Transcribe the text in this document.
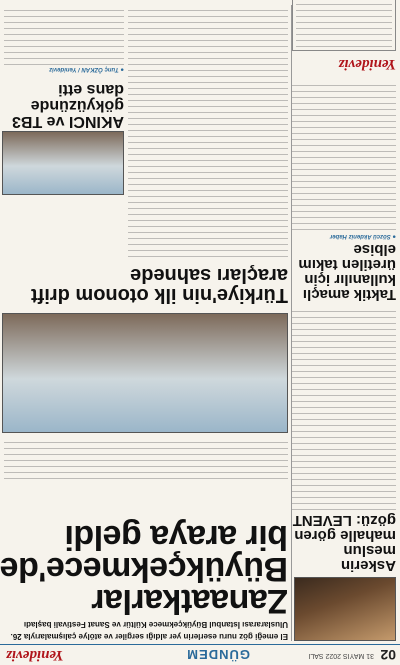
02
31 MAYIS 2022 SALI
GÜNDEM
Yenideviz
Askerin meslun mahalle gören gözü: LEVENT
Taktik amaçlı kullanılır için üretilen takım elbise
● Sözcü Akdeniz Haber
Yenideviz
El emeği göz nuru eserlerin yer aldığı sergiler ve atölye çalışmalarıyla 26.
Uluslararası İstanbul Büyükçekmece Kültür ve Sanat Festivali başladı
Zanaatkarlar Büyükçekmece'de bir araya geldi
Türkiye'nin ilk otonom drift araçları sahnede
AKINCI ve TB3 gökyüzünde dans etti
● Tunç ÖZKAN / Yenideviz
